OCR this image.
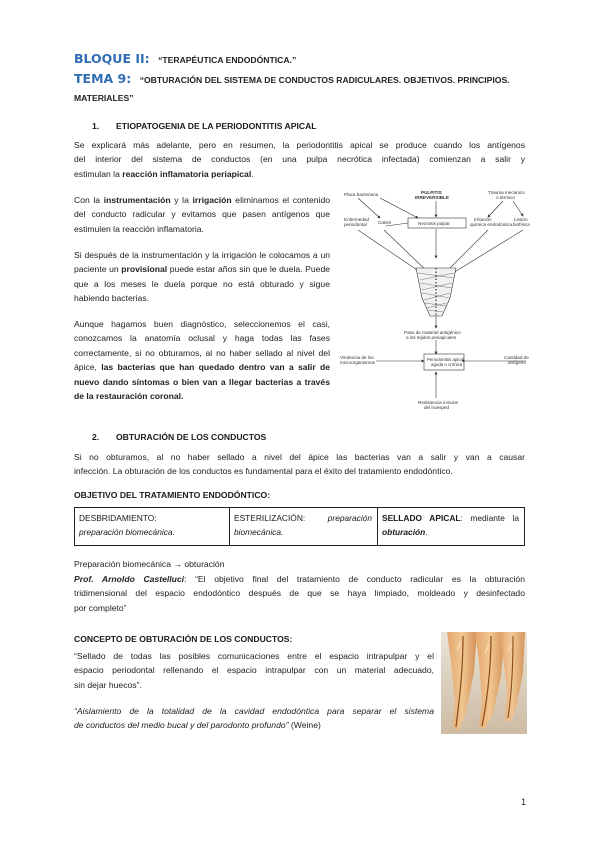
BLOQUE II: “TERAPÉUTICA ENDODÓNTICA.”
TEMA 9: “OBTURACIÓN DEL SISTEMA DE CONDUCTOS RADICULARES. OBJETIVOS. PRINCIPIOS.
MATERIALES”
1. ETIOPATOGENIA DE LA PERIODONTITIS APICAL
Se explicará más adelante, pero en resumen, la periodontitis apical se produce cuando los antígenos
del interior del sistema de conductos (en una pulpa necrótica infectada) comienzan a salir y
estimulan la reacción inflamatoria periapical.
Con la instrumentación y la irrigación eliminamos el contenido del conducto radicular y evitamos que pasen antígenos que estimulen la reacción inflamatoria.
Si después de la instrumentación y la irrigación le colocamos a un paciente un provisional puede estar años sin que le duela. Puede que a los meses le duela porque no está obturado y sigue habiendo bacterias.
Aunque hagamos buen diagnóstico, seleccionemos el casi, conozcamos la anatomía oclusal y haga todas las fases correctamente, si no obturamos, al no haber sellado al nivel del ápice, las bacterias que han quedado dentro van a salir de nuevo dando síntomas o bien van a llegar bacterias a través de la restauración coronal.
Placa bacteriana	PULPITIS
IRREVERSIBLE
Trauma mecánico
o térmico
Enfermedad
periodontal Caries	Necrosis pulpar
Irritación
química endodóntica
Lesión
biofísica
Paso de material antigénico
a los tejidos periapicales
Virulencia de los
microorganismos
Periodontitis apical
aguda o crónica
Cantidad de
antígeno
Resistencia inmune
del huésped
2. OBTURACIÓN DE LOS CONDUCTOS
Si no obturamos, al no haber sellado a nivel del ápice las bacterias van a salir y van a causar
infección. La obturación de los conductos es fundamental para el éxito del tratamiento endodóntico.
OBJETIVO DEL TRATAMIENTO ENDODÓNTICO:
DESBRIDAMIENTO:
preparación biomecánica.

ESTERILIZACIÓN: preparación
biomecánica.

SELLADO APICAL: mediante la
obturación.
Preparación biomecánica → obturación
Prof. Arnoldo Castelluci: “El objetivo final del tratamiento de conducto radicular es la obturación
tridimensional del espacio endodóntico después de que se haya limpiado, moldeado y desinfectado
por completo”
CONCEPTO DE OBTURACIÓN DE LOS CONDUCTOS:
“Sellado de todas las posibles comunicaciones entre el espacio intrapulpar y el
espacio periodontal rellenando el espacio intrapulpar con un material adecuado,
sin dejar huecos”.
“Aislamiento de la totalidad de la cavidad endodóntica para separar el sistema
de conductos del medio bucal y del parodonto profundo” (Weine)
1
